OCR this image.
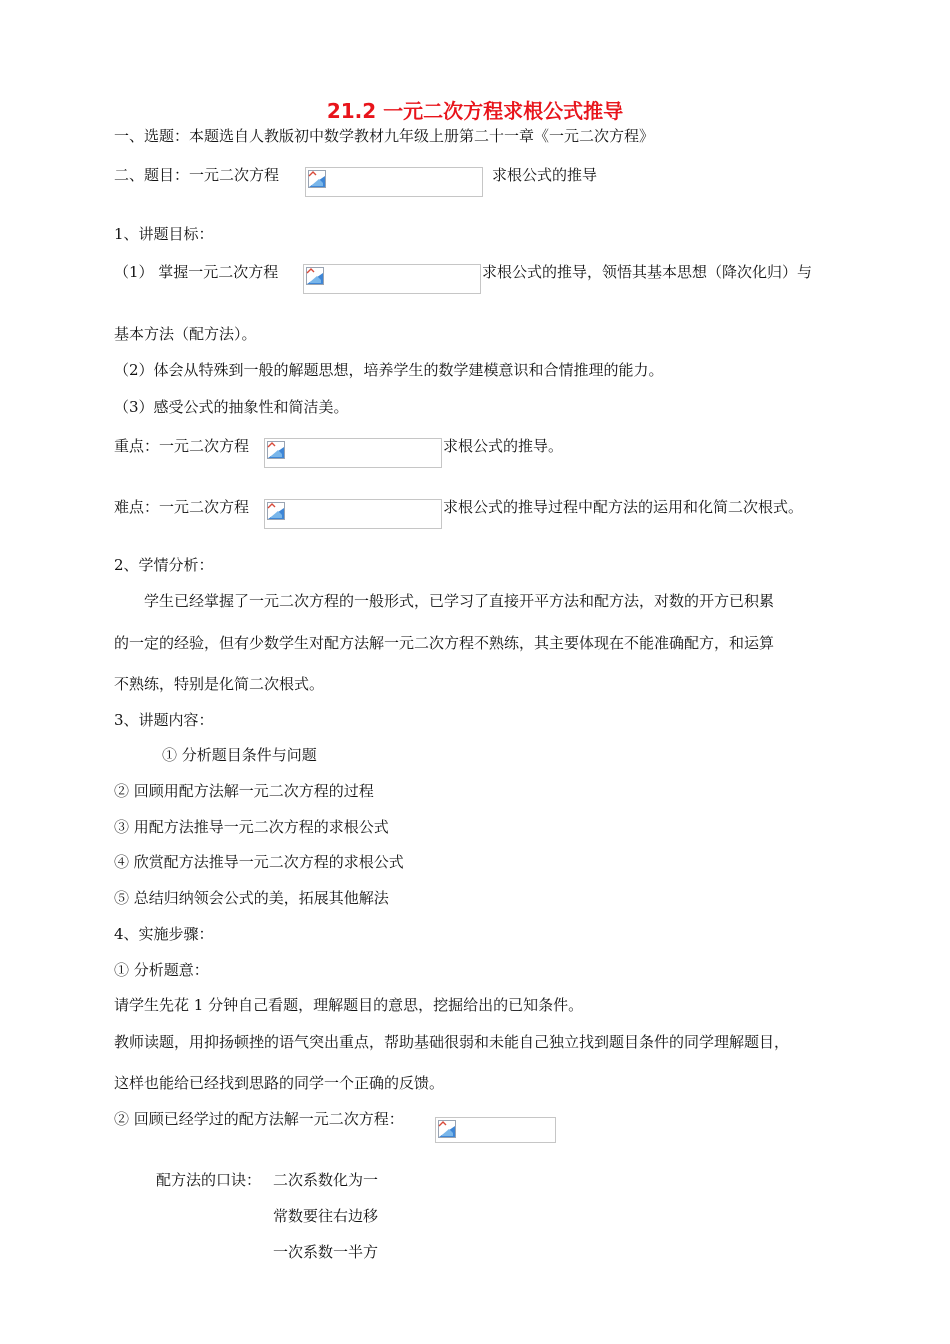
21.2 一元二次方程求根公式推导
一、选题：本题选自人教版初中数学教材九年级上册第二十一章《一元二次方程》
二、题目：一元二次方程	求根公式的推导
1、讲题目标：
（1） 掌握一元二次方程	求根公式的推导，领悟其基本思想（降次化归）与
基本方法（配方法）。
（2）体会从特殊到一般的解题思想，培养学生的数学建模意识和合情推理的能力。
（3）感受公式的抽象性和简洁美。
重点：一元二次方程	求根公式的推导。
难点：一元二次方程	求根公式的推导过程中配方法的运用和化简二次根式。
2、学情分析：
学生已经掌握了一元二次方程的一般形式，已学习了直接开平方法和配方法，对数的开方已积累
的一定的经验，但有少数学生对配方法解一元二次方程不熟练，其主要体现在不能准确配方，和运算
不熟练，特别是化简二次根式。
3、讲题内容：
① 分析题目条件与问题
② 回顾用配方法解一元二次方程的过程
③ 用配方法推导一元二次方程的求根公式
④ 欣赏配方法推导一元二次方程的求根公式
⑤ 总结归纳领会公式的美，拓展其他解法
4、实施步骤：
① 分析题意：
请学生先花 1 分钟自己看题，理解题目的意思，挖掘给出的已知条件。
教师读题，用抑扬顿挫的语气突出重点，帮助基础很弱和未能自己独立找到题目条件的同学理解题目，
这样也能给已经找到思路的同学一个正确的反馈。
② 回顾已经学过的配方法解一元二次方程：
配方法的口诀： 二次系数化为一
常数要往右边移
一次系数一半方
